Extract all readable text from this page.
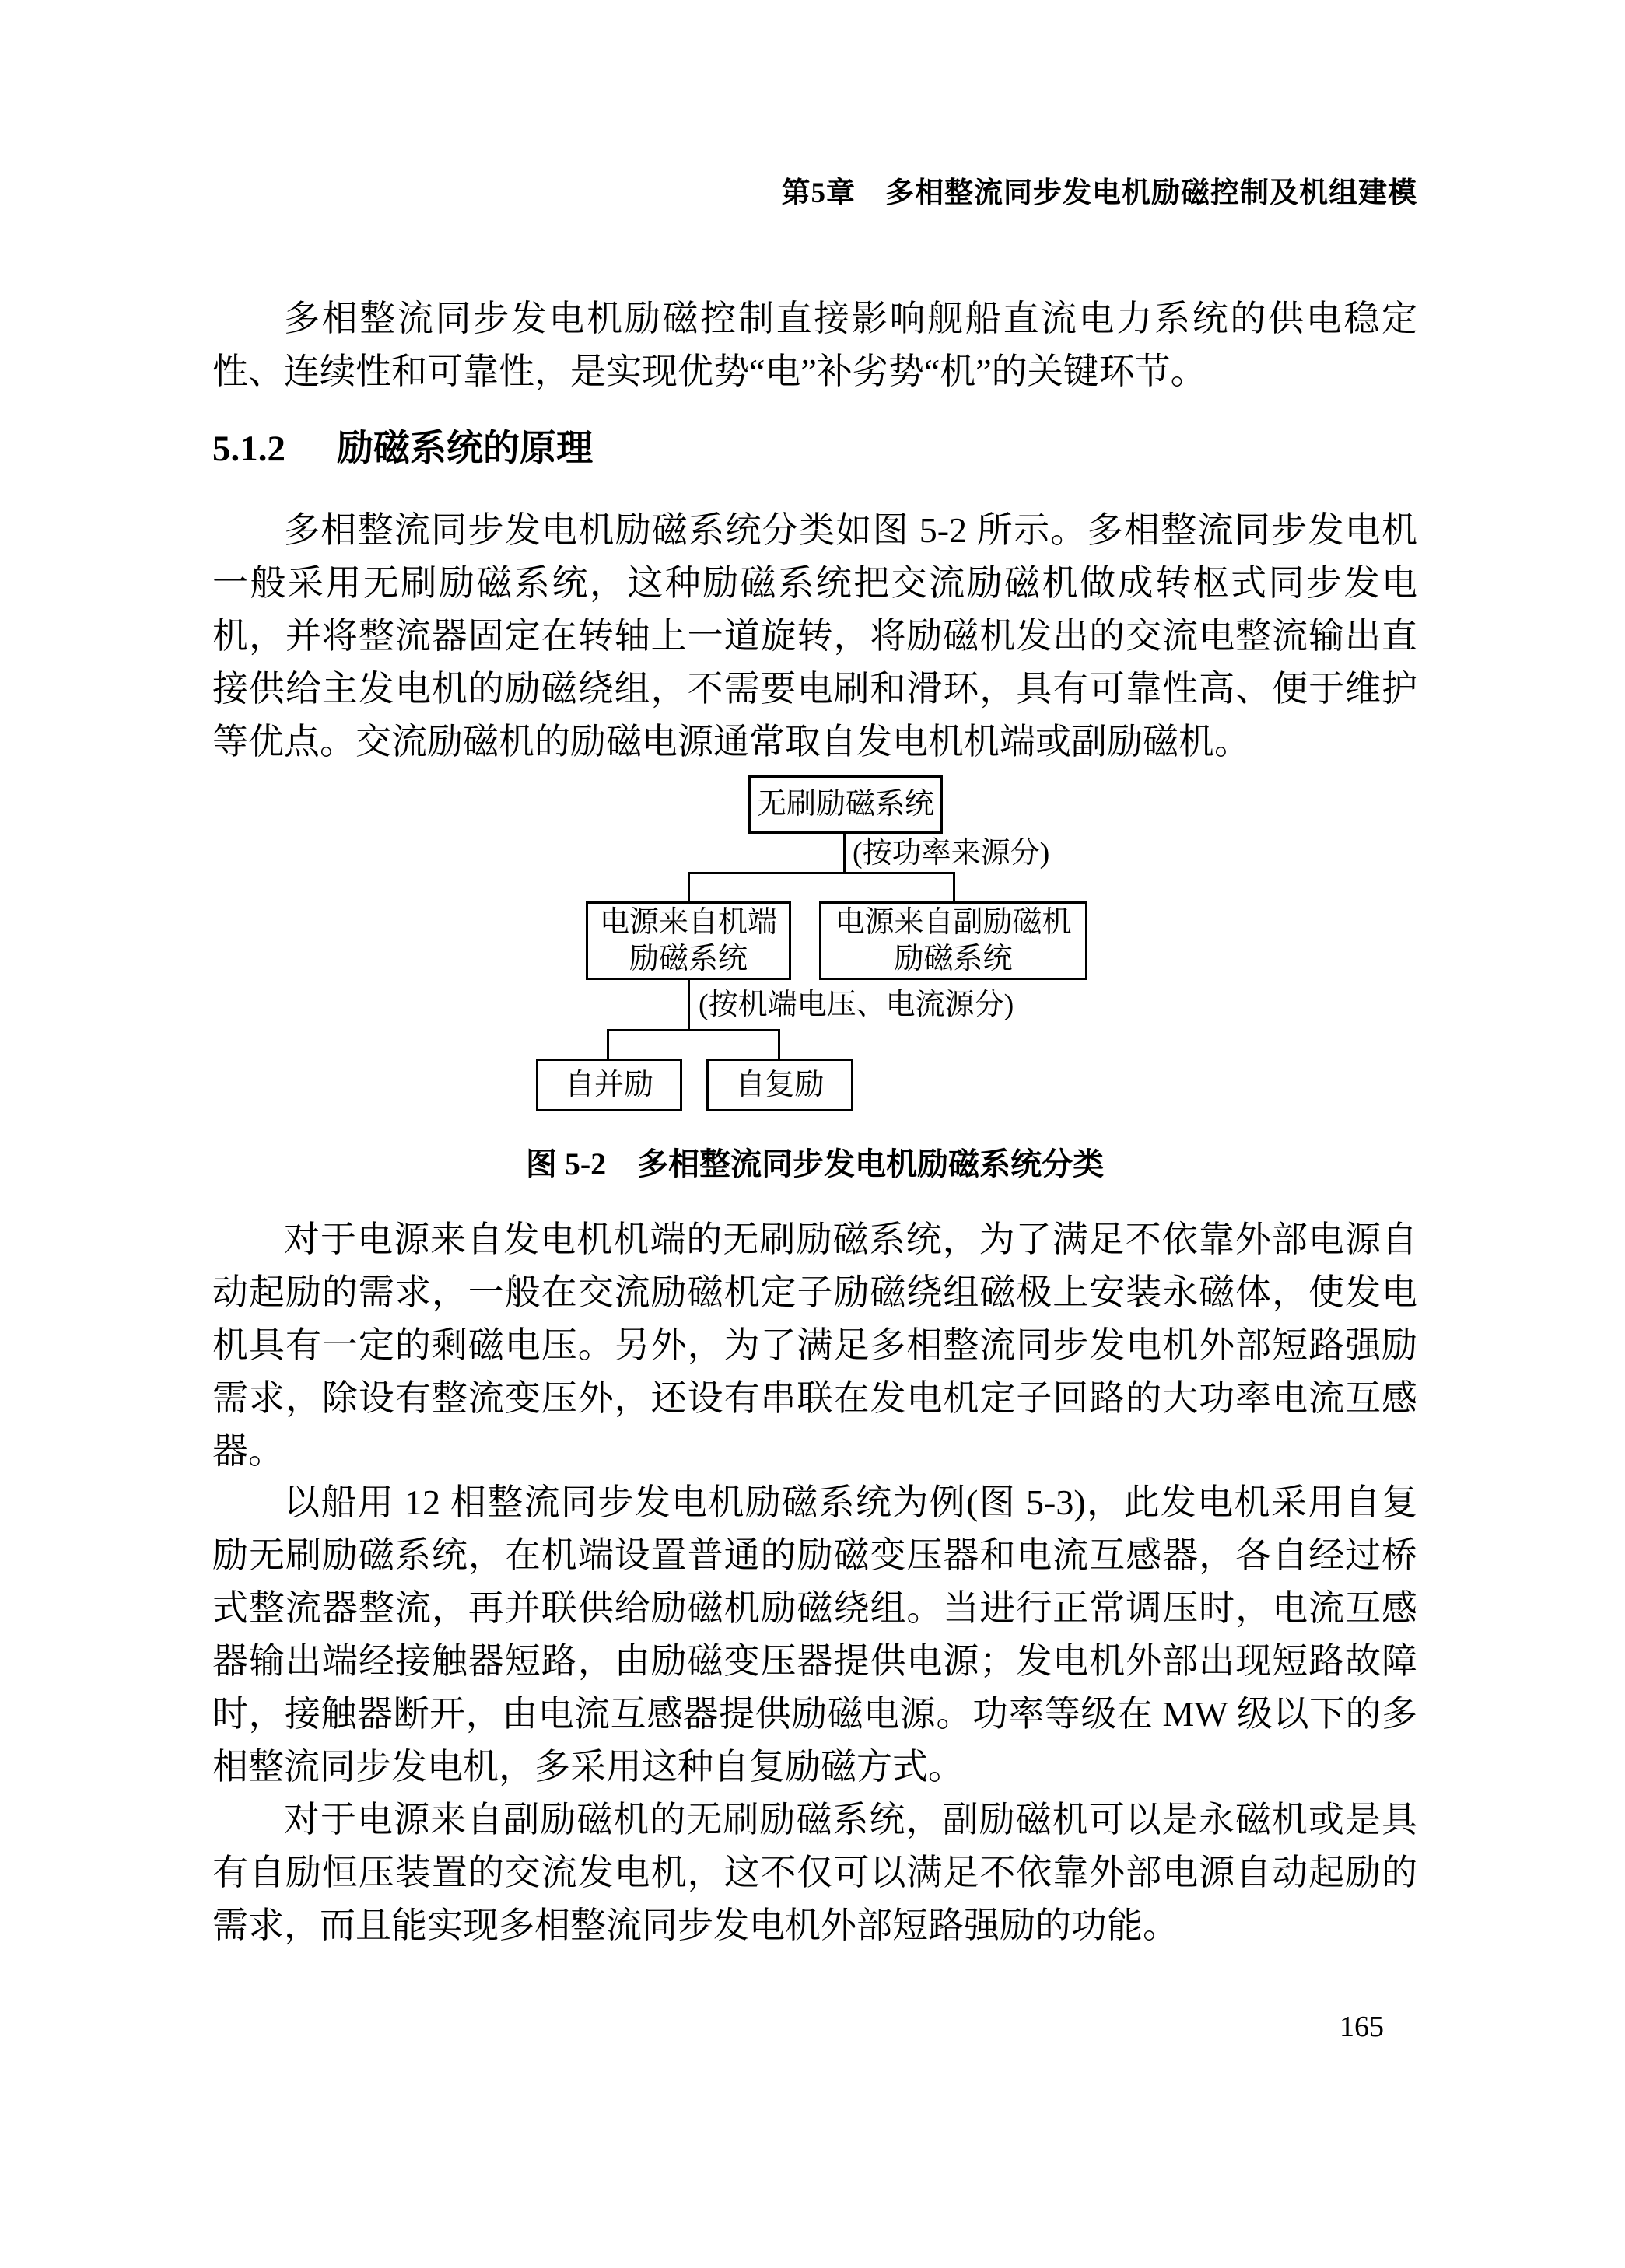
第5章　多相整流同步发电机励磁控制及机组建模

多相整流同步发电机励磁控制直接影响舰船直流电力系统的供电稳定性、连续性和可靠性，是实现优势“电”补劣势“机”的关键环节。

5.1.2 励磁系统的原理

多相整流同步发电机励磁系统分类如图 5-2 所示。多相整流同步发电机一般采用无刷励磁系统，这种励磁系统把交流励磁机做成转枢式同步发电机，并将整流器固定在转轴上一道旋转，将励磁机发出的交流电整流输出直接供给主发电机的励磁绕组，不需要电刷和滑环，具有可靠性高、便于维护等优点。交流励磁机的励磁电源通常取自发电机机端或副励磁机。

无刷励磁系统
(按功率来源分)
电源来自机端
励磁系统
电源来自副励磁机
励磁系统
(按机端电压、电流源分)
自并励	自复励

图 5-2 多相整流同步发电机励磁系统分类

对于电源来自发电机机端的无刷励磁系统，为了满足不依靠外部电源自动起励的需求，一般在交流励磁机定子励磁绕组磁极上安装永磁体，使发电机具有一定的剩磁电压。另外，为了满足多相整流同步发电机外部短路强励需求，除设有整流变压外，还设有串联在发电机定子回路的大功率电流互感器。

以船用 12 相整流同步发电机励磁系统为例(图 5-3)，此发电机采用自复励无刷励磁系统，在机端设置普通的励磁变压器和电流互感器，各自经过桥式整流器整流，再并联供给励磁机励磁绕组。当进行正常调压时，电流互感器输出端经接触器短路，由励磁变压器提供电源；发电机外部出现短路故障时，接触器断开，由电流互感器提供励磁电源。功率等级在 MW 级以下的多相整流同步发电机，多采用这种自复励磁方式。

对于电源来自副励磁机的无刷励磁系统，副励磁机可以是永磁机或是具有自励恒压装置的交流发电机，这不仅可以满足不依靠外部电源自动起励的需求，而且能实现多相整流同步发电机外部短路强励的功能。

165
